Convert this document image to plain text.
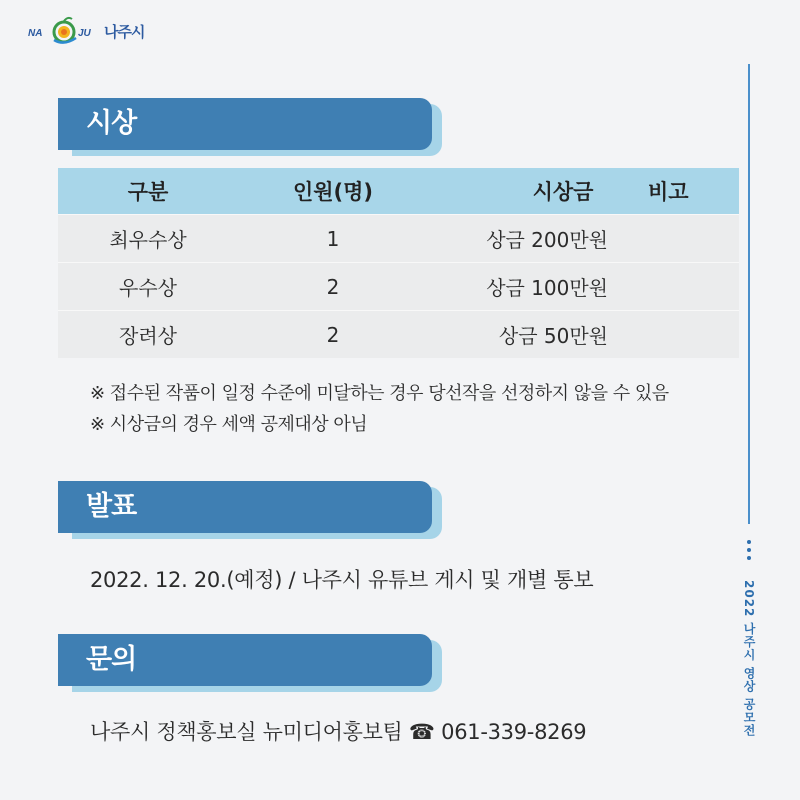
NA	JU 나주시
2022 나주시 영상 공모전
시상
구분	인원(명)	시상금	비고
최우수상	1	상금 200만원
우수상	2	상금 100만원
장려상	2	상금 50만원
※ 접수된 작품이 일정 수준에 미달하는 경우 당선작을 선정하지 않을 수 있음
※ 시상금의 경우 세액 공제대상 아님
발표
2022. 12. 20.(예정) / 나주시 유튜브 게시 및 개별 통보
문의
나주시 정책홍보실 뉴미디어홍보팀 ☎ 061-339-8269
